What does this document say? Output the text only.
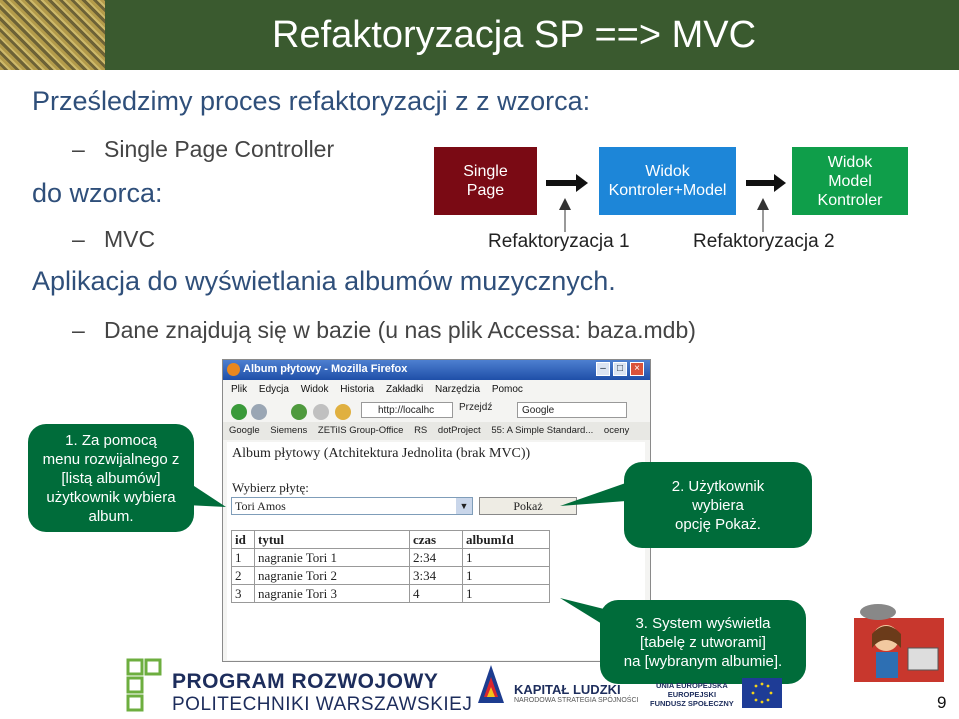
Refaktoryzacja SP ==> MVC
Prześledzimy proces refaktoryzacji z z wzorca:
– Single Page Controller
do wzorca:
– MVC
Aplikacja do wyświetlania albumów muzycznych.
– Dane znajdują się w bazie (u nas plik Accessa: baza.mdb)
Single
Page
Widok
Kontroler+Model
Widok
Model
Kontroler
Refaktoryzacja 1	Refaktoryzacja 2
Album płytowy - Mozilla Firefox	–	□	×
Plik Edycja Widok Historia Zakładki Narzędzia Pomoc
http://localhc	Przejdź	Google
Google Siemens ZETiIS Group-Office RS dotProject 55: A Simple Standard... oceny
Album płytowy (Atchitektura Jednolita (brak MVC))
Wybierz płytę:
Tori Amos	▼	Pokaż
id	tytul	czas	albumId
1	nagranie Tori 1	2:34	1
2	nagranie Tori 2	3:34	1
3	nagranie Tori 3	4	1
1. Za pomocą
menu rozwijalnego z
[listą albumów]
użytkownik wybiera
album.
2. Użytkownik
wybiera
opcję Pokaż.
3. System wyświetla
[tabelę z utworami]
na [wybranym albumie].
PROGRAM ROZWOJOWY
POLITECHNIKI WARSZAWSKIEJ
KAPITAŁ LUDZKI
NARODOWA STRATEGIA SPÓJNOŚCI
UNIA EUROPEJSKA
EUROPEJSKI
FUNDUSZ SPOŁECZNY	9
